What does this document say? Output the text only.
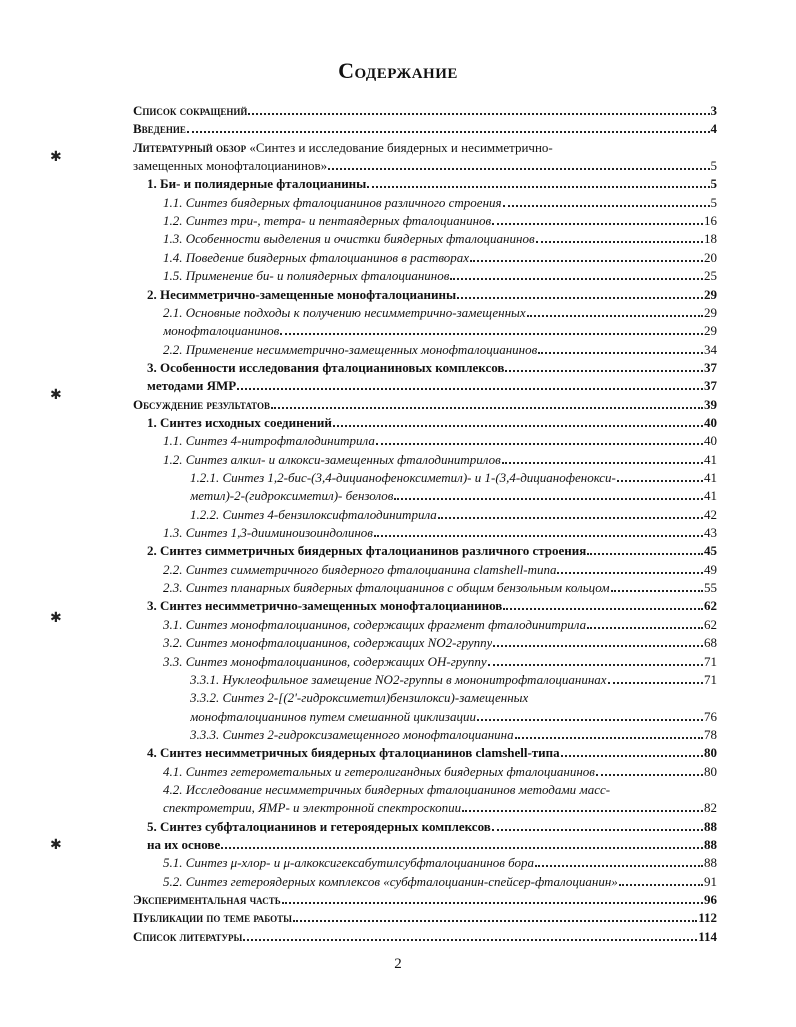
Содержание
Список сокращений	3
Введение	4
Литературный обзор «Синтез и исследование биядерных и несимметрично-
замещенных монофталоцианинов»	5
1. Би- и полиядерные фталоцианины	5
1.1. Синтез биядерных фталоцианинов различного строения	5
1.2. Синтез три-, тетра- и пентаядерных фталоцианинов	16
1.3. Особенности выделения и очистки биядерных фталоцианинов	18
1.4. Поведение биядерных фталоцианинов в растворах	20
1.5. Применение би- и полиядерных фталоцианинов	25
2. Несимметрично-замещенные монофталоцианины	29
2.1. Основные подходы к получению несимметрично-замещенных	29
монофталоцианинов	29
2.2. Применение несимметрично-замещенных монофталоцианинов	34
3. Особенности исследования фталоцианиновых комплексов	37
методами ЯМР	37
Обсуждение результатов	39
1. Синтез исходных соединений	40
1.1. Синтез 4-нитрофталодинитрила	40
1.2. Синтез алкил- и алкокси-замещенных фталодинитрилов	41
1.2.1. Синтез 1,2-бис-(3,4-дицианофеноксиметил)- и 1-(3,4-дицианофенокси-	41
метил)-2-(гидроксиметил)- бензолов	41
1.2.2. Синтез 4-бензилоксифталодинитрила	42
1.3. Синтез 1,3-дииминоизоиндолинов	43
2. Синтез симметричных биядерных фталоцианинов различного строения	45
2.2. Синтез симметричного биядерного фталоцианина clamshell-типа	49
2.3. Синтез планарных биядерных фталоцианинов с общим бензольным кольцом	55
3. Синтез несимметрично-замещенных монофталоцианинов	62
3.1. Синтез монофталоцианинов, содержащих фрагмент фталодинитрила	62
3.2. Синтез монофталоцианинов, содержащих NO2-группу	68
3.3. Синтез монофталоцианинов, содержащих OH-группу	71
3.3.1. Нуклеофильное замещение NO2-группы в мононитрофталоцианинах	71
3.3.2. Синтез 2-[(2'-гидроксиметил)бензилокси)-замещенных
монофталоцианинов путем смешанной циклизации	76
3.3.3. Синтез 2-гидроксизамещенного монофталоцианина	78
4. Синтез несимметричных биядерных фталоцианинов clamshell-типа	80
4.1. Синтез гетерометальных и гетеролигандных биядерных фталоцианинов	80
4.2. Исследование несимметричных биядерных фталоцианинов методами масс-
спектрометрии, ЯМР- и электронной спектроскопии	82
5. Синтез субфталоцианинов и гетероядерных комплексов	88
на их основе	88
5.1. Синтез μ-хлор- и μ-алкоксигексабутилсубфталоцианинов бора	88
5.2. Синтез гетероядерных комплексов «субфталоцианин-спейсер-фталоцианин»	91
Экспериментальная часть	96
Публикации по теме работы	112
Список литературы	114
✱
✱
✱
✱
2
